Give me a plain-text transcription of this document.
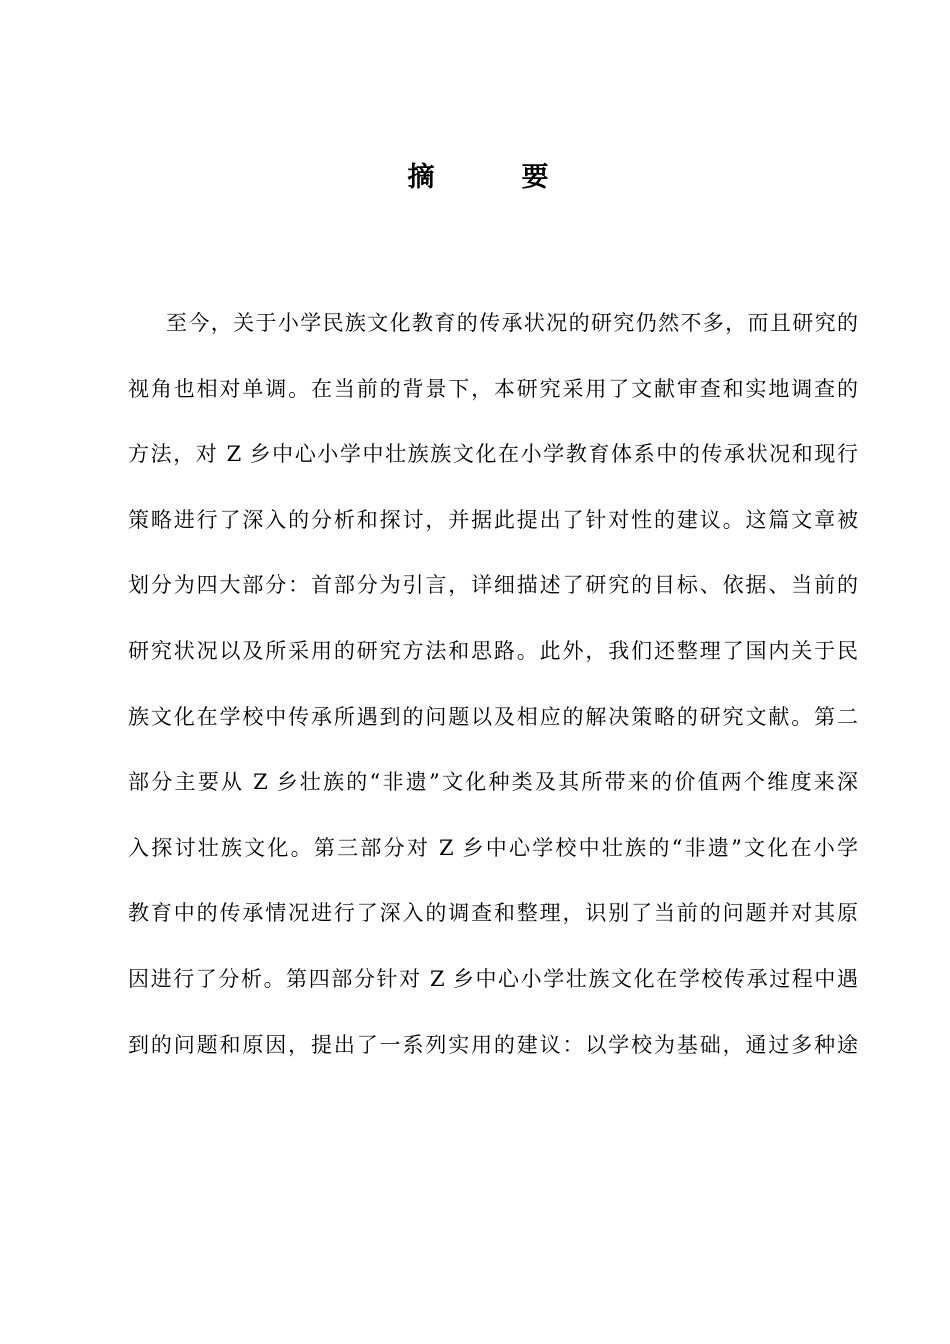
摘　要
至今，关于小学民族文化教育的传承状况的研究仍然不多，而且研究的
视角也相对单调。在当前的背景下，本研究采用了文献审查和实地调查的
方法，对 Z 乡中心小学中壮族族文化在小学教育体系中的传承状况和现行
策略进行了深入的分析和探讨，并据此提出了针对性的建议。这篇文章被
划分为四大部分：首部分为引言，详细描述了研究的目标、依据、当前的
研究状况以及所采用的研究方法和思路。此外，我们还整理了国内关于民
族文化在学校中传承所遇到的问题以及相应的解决策略的研究文献。第二
部分主要从 Z 乡壮族的“非遗”文化种类及其所带来的价值两个维度来深
入探讨壮族文化。第三部分对 Z 乡中心学校中壮族的“非遗”文化在小学
教育中的传承情况进行了深入的调查和整理，识别了当前的问题并对其原
因进行了分析。第四部分针对 Z 乡中心小学壮族文化在学校传承过程中遇
到的问题和原因，提出了一系列实用的建议：以学校为基础，通过多种途
